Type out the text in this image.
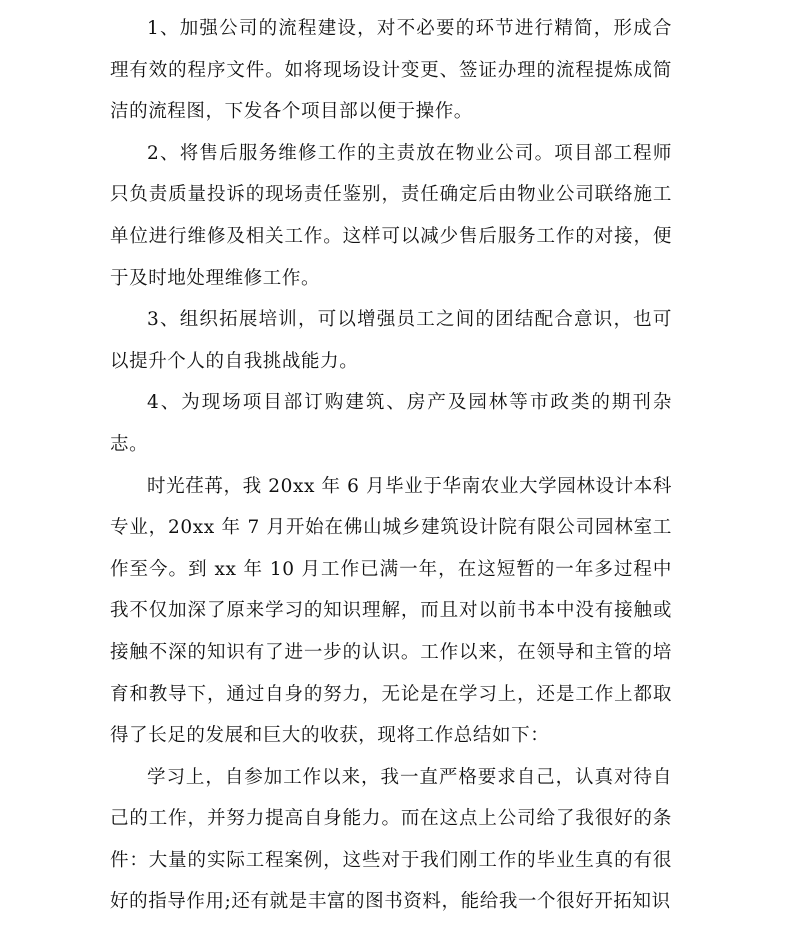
1、加强公司的流程建设，对不必要的环节进行精简，形成合理有效的程序文件。如将现场设计变更、签证办理的流程提炼成简洁的流程图，下发各个项目部以便于操作。

2、将售后服务维修工作的主责放在物业公司。项目部工程师只负责质量投诉的现场责任鉴别，责任确定后由物业公司联络施工单位进行维修及相关工作。这样可以减少售后服务工作的对接，便于及时地处理维修工作。

3、组织拓展培训，可以增强员工之间的团结配合意识，也可以提升个人的自我挑战能力。

4、为现场项目部订购建筑、房产及园林等市政类的期刊杂志。

时光荏苒，我 20xx 年 6 月毕业于华南农业大学园林设计本科专业，20xx 年 7 月开始在佛山城乡建筑设计院有限公司园林室工作至今。到 xx 年 10 月工作已满一年，在这短暂的一年多过程中我不仅加深了原来学习的知识理解，而且对以前书本中没有接触或接触不深的知识有了进一步的认识。工作以来，在领导和主管的培育和教导下，通过自身的努力，无论是在学习上，还是工作上都取得了长足的发展和巨大的收获，现将工作总结如下：

学习上，自参加工作以来，我一直严格要求自己，认真对待自己的工作，并努力提高自身能力。而在这点上公司给了我很好的条件：大量的实际工程案例，这些对于我们刚工作的毕业生真的有很好的指导作用;还有就是丰富的图书资料，能给我一个很好开拓知识
